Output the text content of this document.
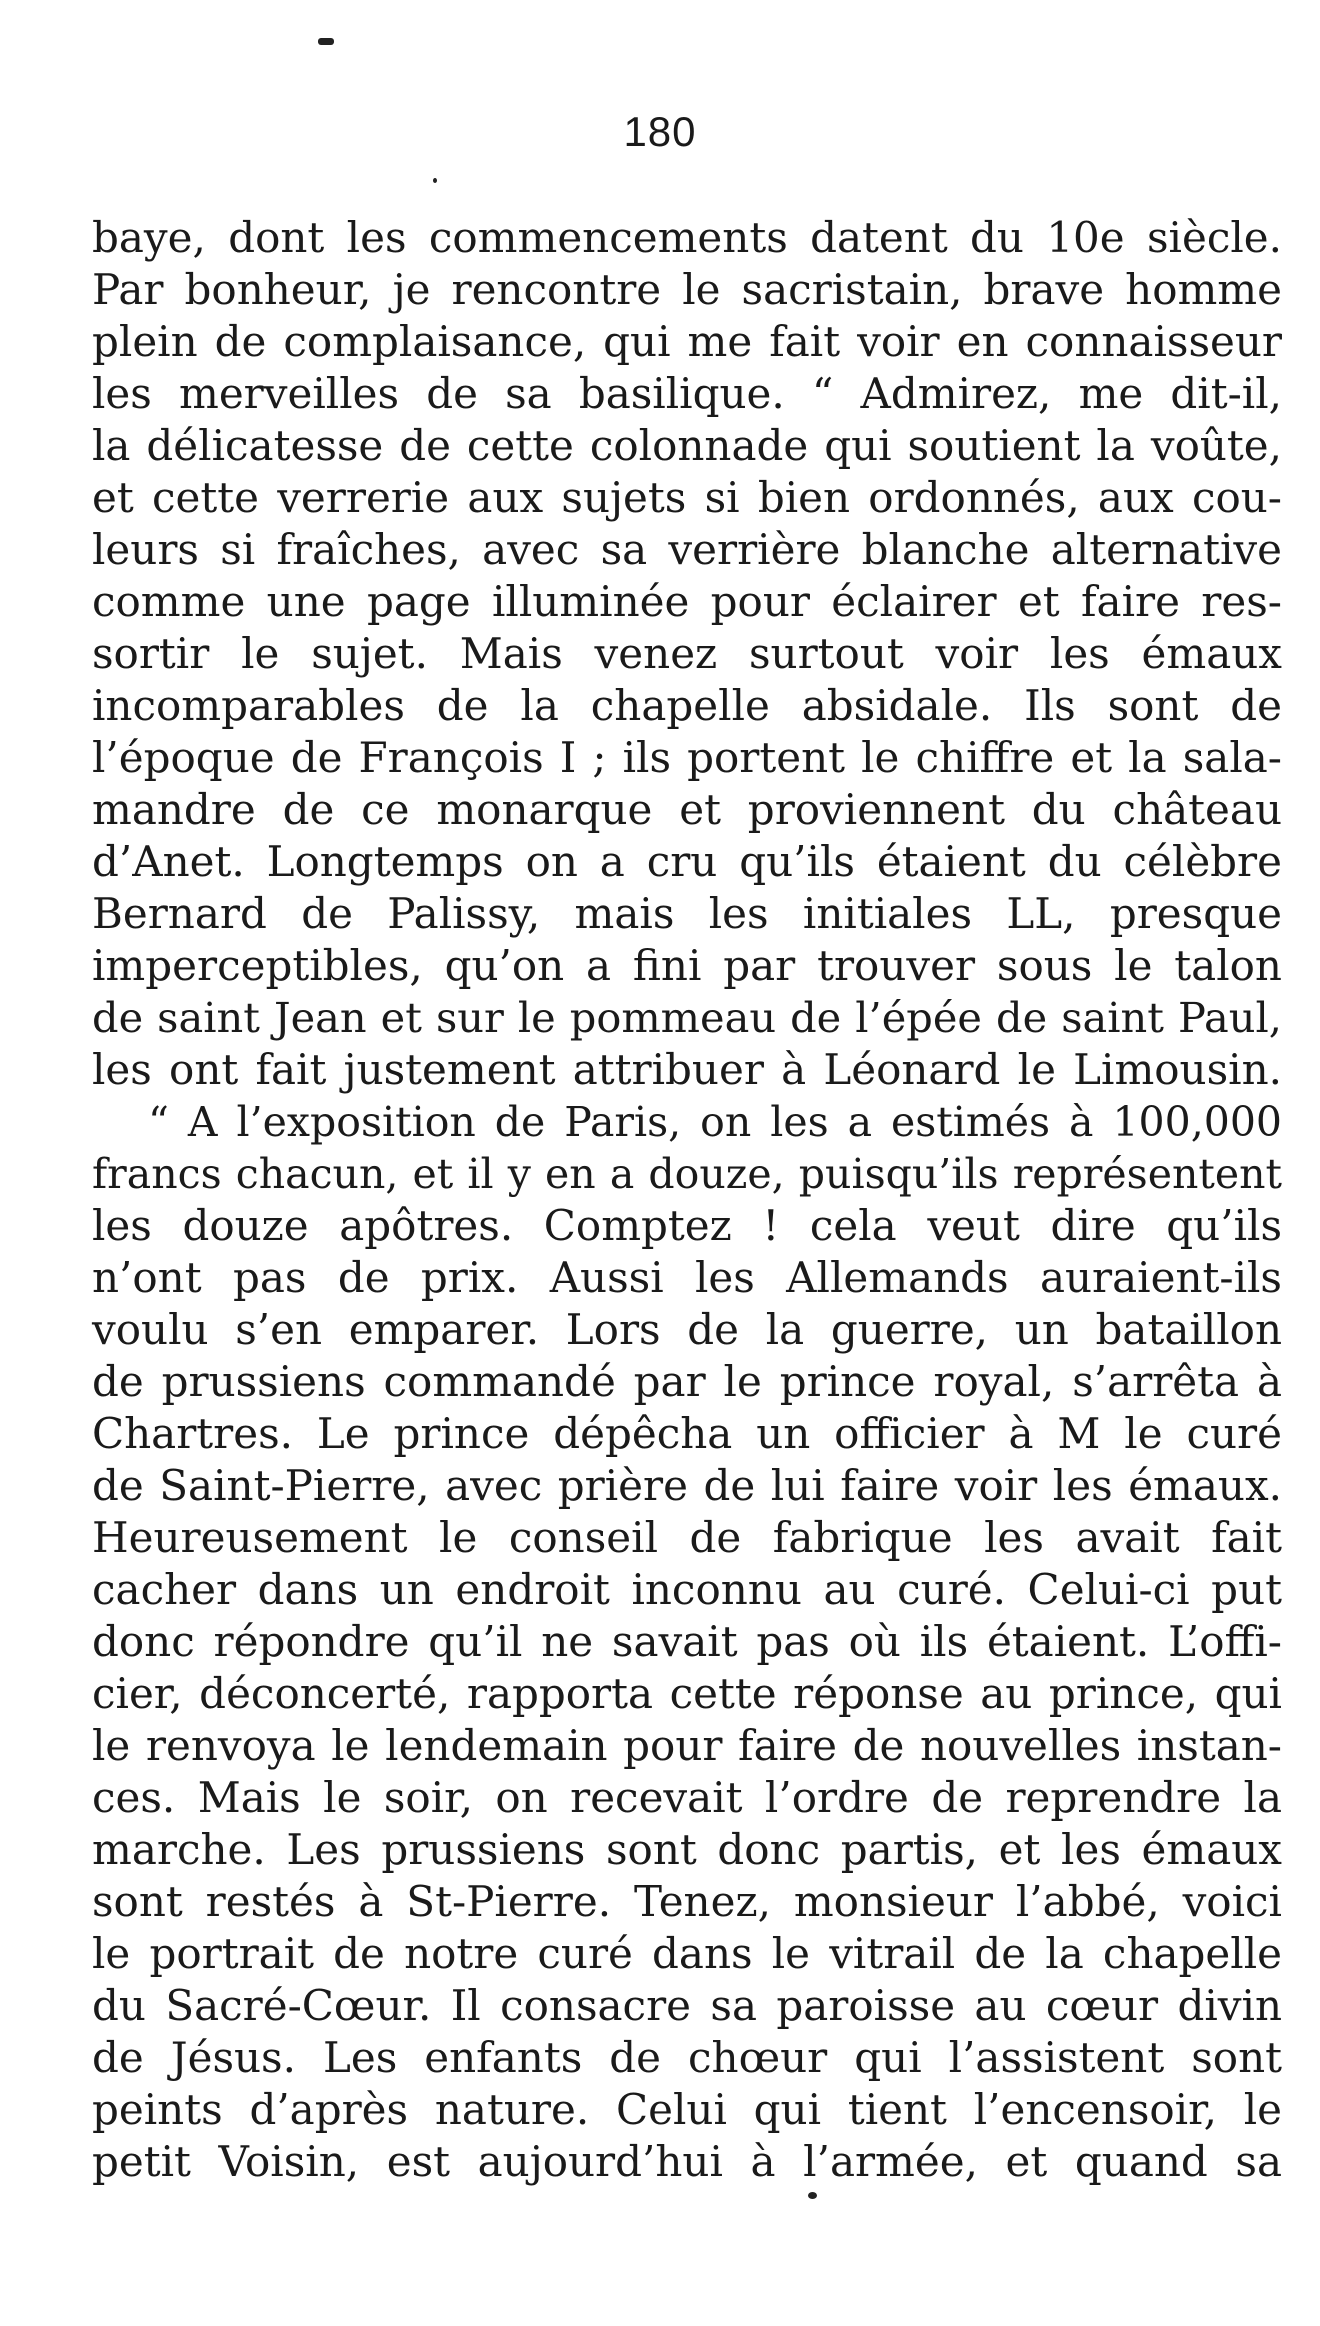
180
baye, dont les commencements datent du 10e siècle.
Par bonheur, je rencontre le sacristain, brave homme
plein de complaisance, qui me fait voir en connaisseur
les merveilles de sa basilique. “ Admirez, me dit-il,
la délicatesse de cette colonnade qui soutient la voûte,
et cette verrerie aux sujets si bien ordonnés, aux cou-
leurs si fraîches, avec sa verrière blanche alternative
comme une page illuminée pour éclairer et faire res-
sortir le sujet. Mais venez surtout voir les émaux
incomparables de la chapelle absidale. Ils sont de
l’époque de François I ; ils portent le chiffre et la sala-
mandre de ce monarque et proviennent du château
d’Anet. Longtemps on a cru qu’ils étaient du célèbre
Bernard de Palissy, mais les initiales LL, presque
imperceptibles, qu’on a fini par trouver sous le talon
de saint Jean et sur le pommeau de l’épée de saint Paul,
les ont fait justement attribuer à Léonard le Limousin.
“ A l’exposition de Paris, on les a estimés à 100,000
francs chacun, et il y en a douze, puisqu’ils représentent
les douze apôtres. Comptez ! cela veut dire qu’ils
n’ont pas de prix. Aussi les Allemands auraient-ils
voulu s’en emparer. Lors de la guerre, un bataillon
de prussiens commandé par le prince royal, s’arrêta à
Chartres. Le prince dépêcha un officier à M le curé
de Saint-Pierre, avec prière de lui faire voir les émaux.
Heureusement le conseil de fabrique les avait fait
cacher dans un endroit inconnu au curé. Celui-ci put
donc répondre qu’il ne savait pas où ils étaient. L’offi-
cier, déconcerté, rapporta cette réponse au prince, qui
le renvoya le lendemain pour faire de nouvelles instan-
ces. Mais le soir, on recevait l’ordre de reprendre la
marche. Les prussiens sont donc partis, et les émaux
sont restés à St-Pierre. Tenez, monsieur l’abbé, voici
le portrait de notre curé dans le vitrail de la chapelle
du Sacré-Cœur. Il consacre sa paroisse au cœur divin
de Jésus. Les enfants de chœur qui l’assistent sont
peints d’après nature. Celui qui tient l’encensoir, le
petit Voisin, est aujourd’hui à l’armée, et quand sa
